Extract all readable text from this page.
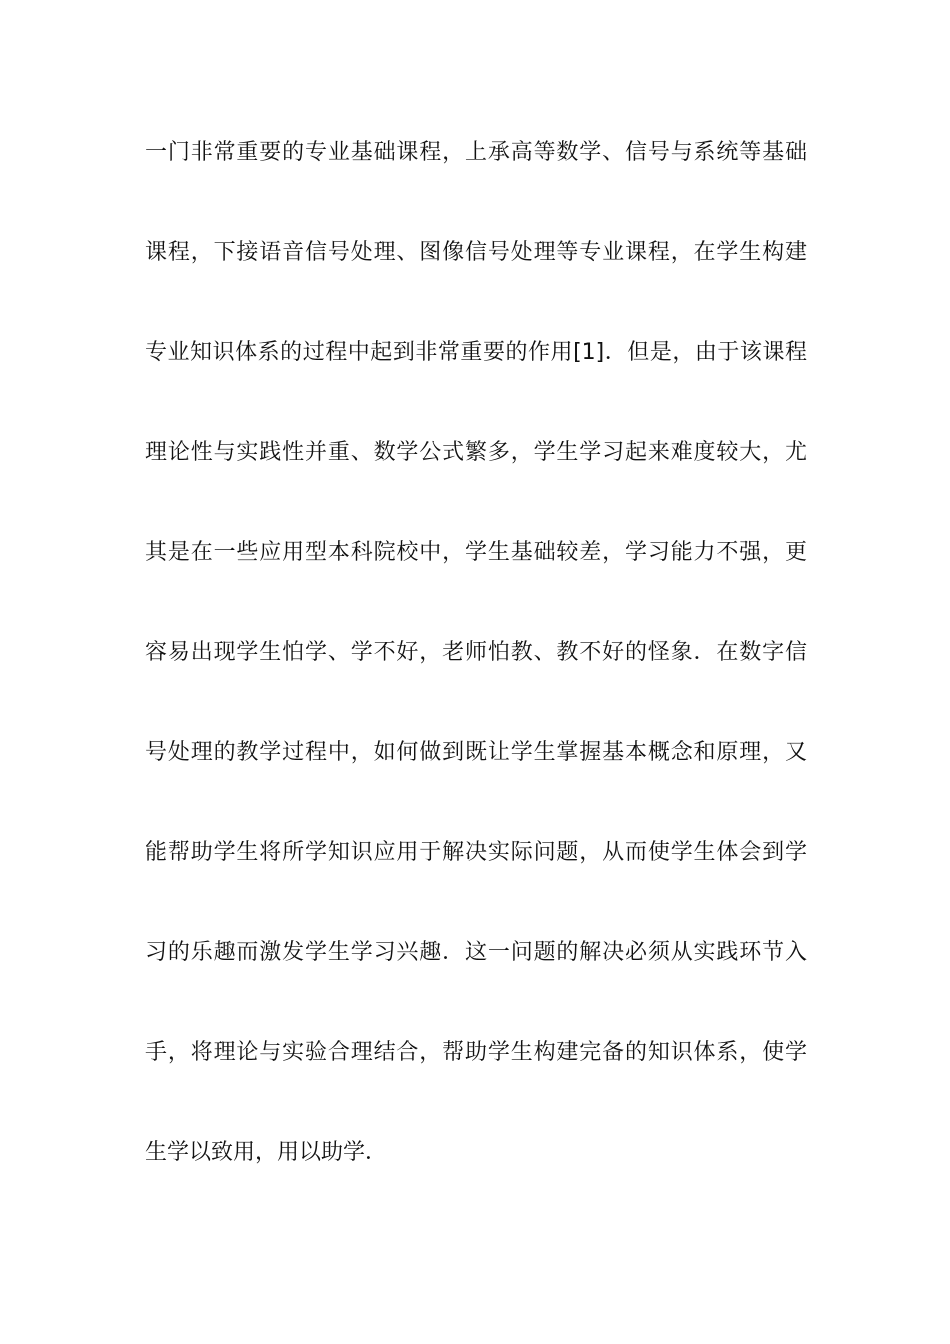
一门非常重要的专业基础课程，上承高等数学、信号与系统等基础
课程，下接语音信号处理、图像信号处理等专业课程，在学生构建
专业知识体系的过程中起到非常重要的作用[1]．但是，由于该课程
理论性与实践性并重、数学公式繁多，学生学习起来难度较大，尤
其是在一些应用型本科院校中，学生基础较差，学习能力不强，更
容易出现学生怕学、学不好，老师怕教、教不好的怪象．在数字信
号处理的教学过程中，如何做到既让学生掌握基本概念和原理，又
能帮助学生将所学知识应用于解决实际问题，从而使学生体会到学
习的乐趣而激发学生学习兴趣．这一问题的解决必须从实践环节入
手，将理论与实验合理结合，帮助学生构建完备的知识体系，使学
生学以致用，用以助学．
